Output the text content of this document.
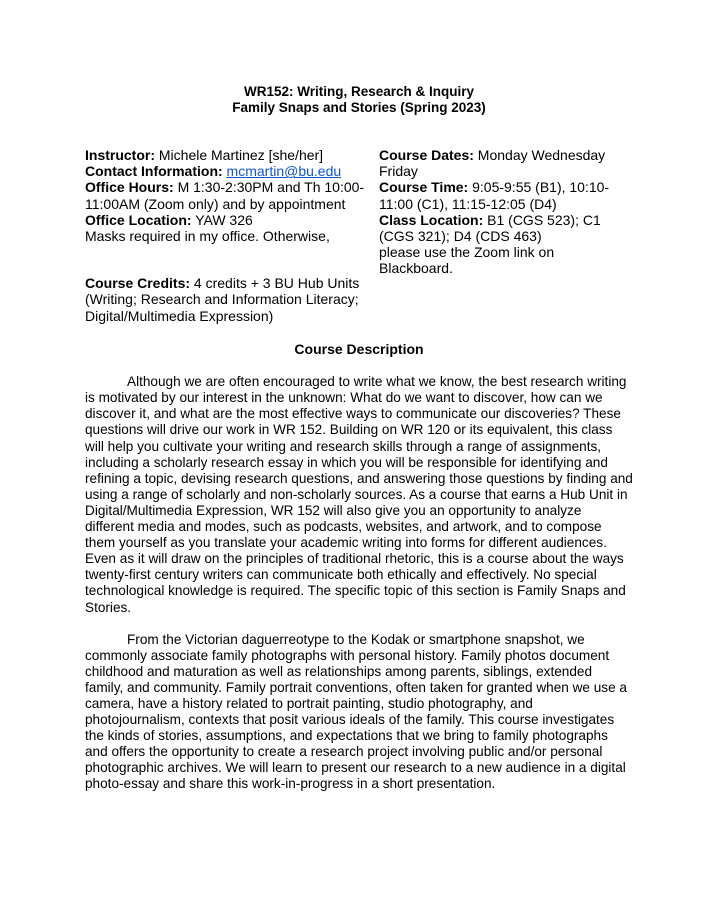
WR152: Writing, Research & Inquiry
Family Snaps and Stories (Spring 2023)
Instructor: Michele Martinez [she/her]
Contact Information: mcmartin@bu.edu
Office Hours: M 1:30-2:30PM and Th 10:00-11:00AM (Zoom only) and by appointment
Office Location: YAW 326
Masks required in my office. Otherwise,
Course Credits: 4 credits + 3 BU Hub Units (Writing; Research and Information Literacy; Digital/Multimedia Expression)
Course Dates: Monday Wednesday Friday
Course Time: 9:05-9:55 (B1), 10:10-11:00 (C1), 11:15-12:05 (D4)
Class Location: B1 (CGS 523); C1 (CGS 321); D4 (CDS 463)
please use the Zoom link on Blackboard.
Course Description

Although we are often encouraged to write what we know, the best research writing is motivated by our interest in the unknown: What do we want to discover, how can we discover it, and what are the most effective ways to communicate our discoveries? These questions will drive our work in WR 152. Building on WR 120 or its equivalent, this class will help you cultivate your writing and research skills through a range of assignments, including a scholarly research essay in which you will be responsible for identifying and refining a topic, devising research questions, and answering those questions by finding and using a range of scholarly and non-scholarly sources. As a course that earns a Hub Unit in Digital/Multimedia Expression, WR 152 will also give you an opportunity to analyze different media and modes, such as podcasts, websites, and artwork, and to compose them yourself as you translate your academic writing into forms for different audiences. Even as it will draw on the principles of traditional rhetoric, this is a course about the ways twenty-first century writers can communicate both ethically and effectively. No special technological knowledge is required. The specific topic of this section is Family Snaps and Stories.

From the Victorian daguerreotype to the Kodak or smartphone snapshot, we commonly associate family photographs with personal history. Family photos document childhood and maturation as well as relationships among parents, siblings, extended family, and community. Family portrait conventions, often taken for granted when we use a camera, have a history related to portrait painting, studio photography, and photojournalism, contexts that posit various ideals of the family. This course investigates the kinds of stories, assumptions, and expectations that we bring to family photographs and offers the opportunity to create a research project involving public and/or personal photographic archives. We will learn to present our research to a new audience in a digital photo-essay and share this work-in-progress in a short presentation.
